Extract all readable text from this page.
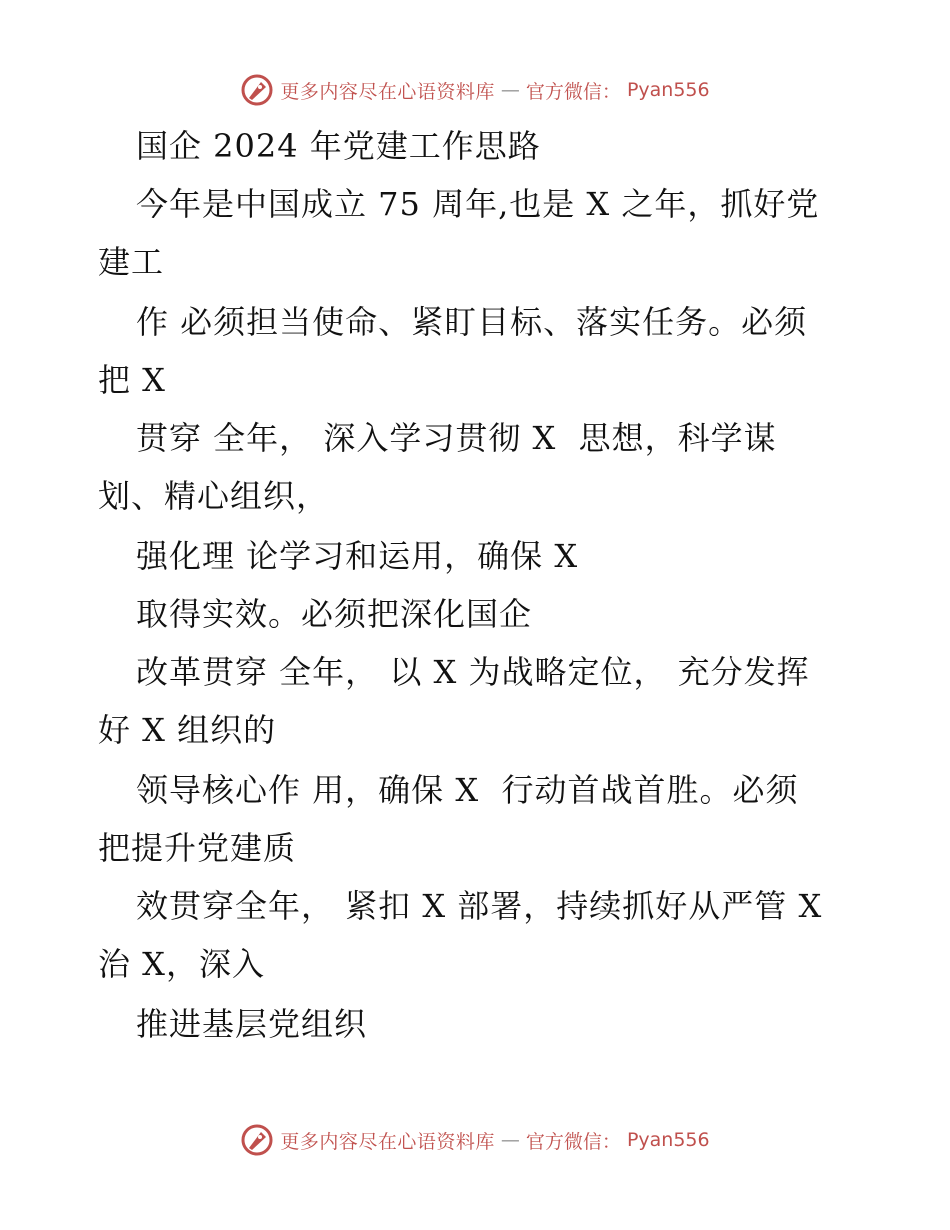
更多内容尽在心语资料库 — 官方微信： Pyan556
国企 2024 年党建工作思路
今年是中国成立 75 周年,也是 X 之年，抓好党
建工
作 必须担当使命、紧盯目标、落实任务。必须
把 X
贯穿 全年， 深入学习贯彻 X  思想，科学谋
划、精心组织，
强化理 论学习和运用，确保 X
取得实效。必须把深化国企
改革贯穿 全年， 以 X 为战略定位， 充分发挥
好 X 组织的
领导核心作 用，确保 X  行动首战首胜。必须
把提升党建质
效贯穿全年， 紧扣 X 部署，持续抓好从严管 X
治 X，深入
推进基层党组织
更多内容尽在心语资料库 — 官方微信： Pyan556
